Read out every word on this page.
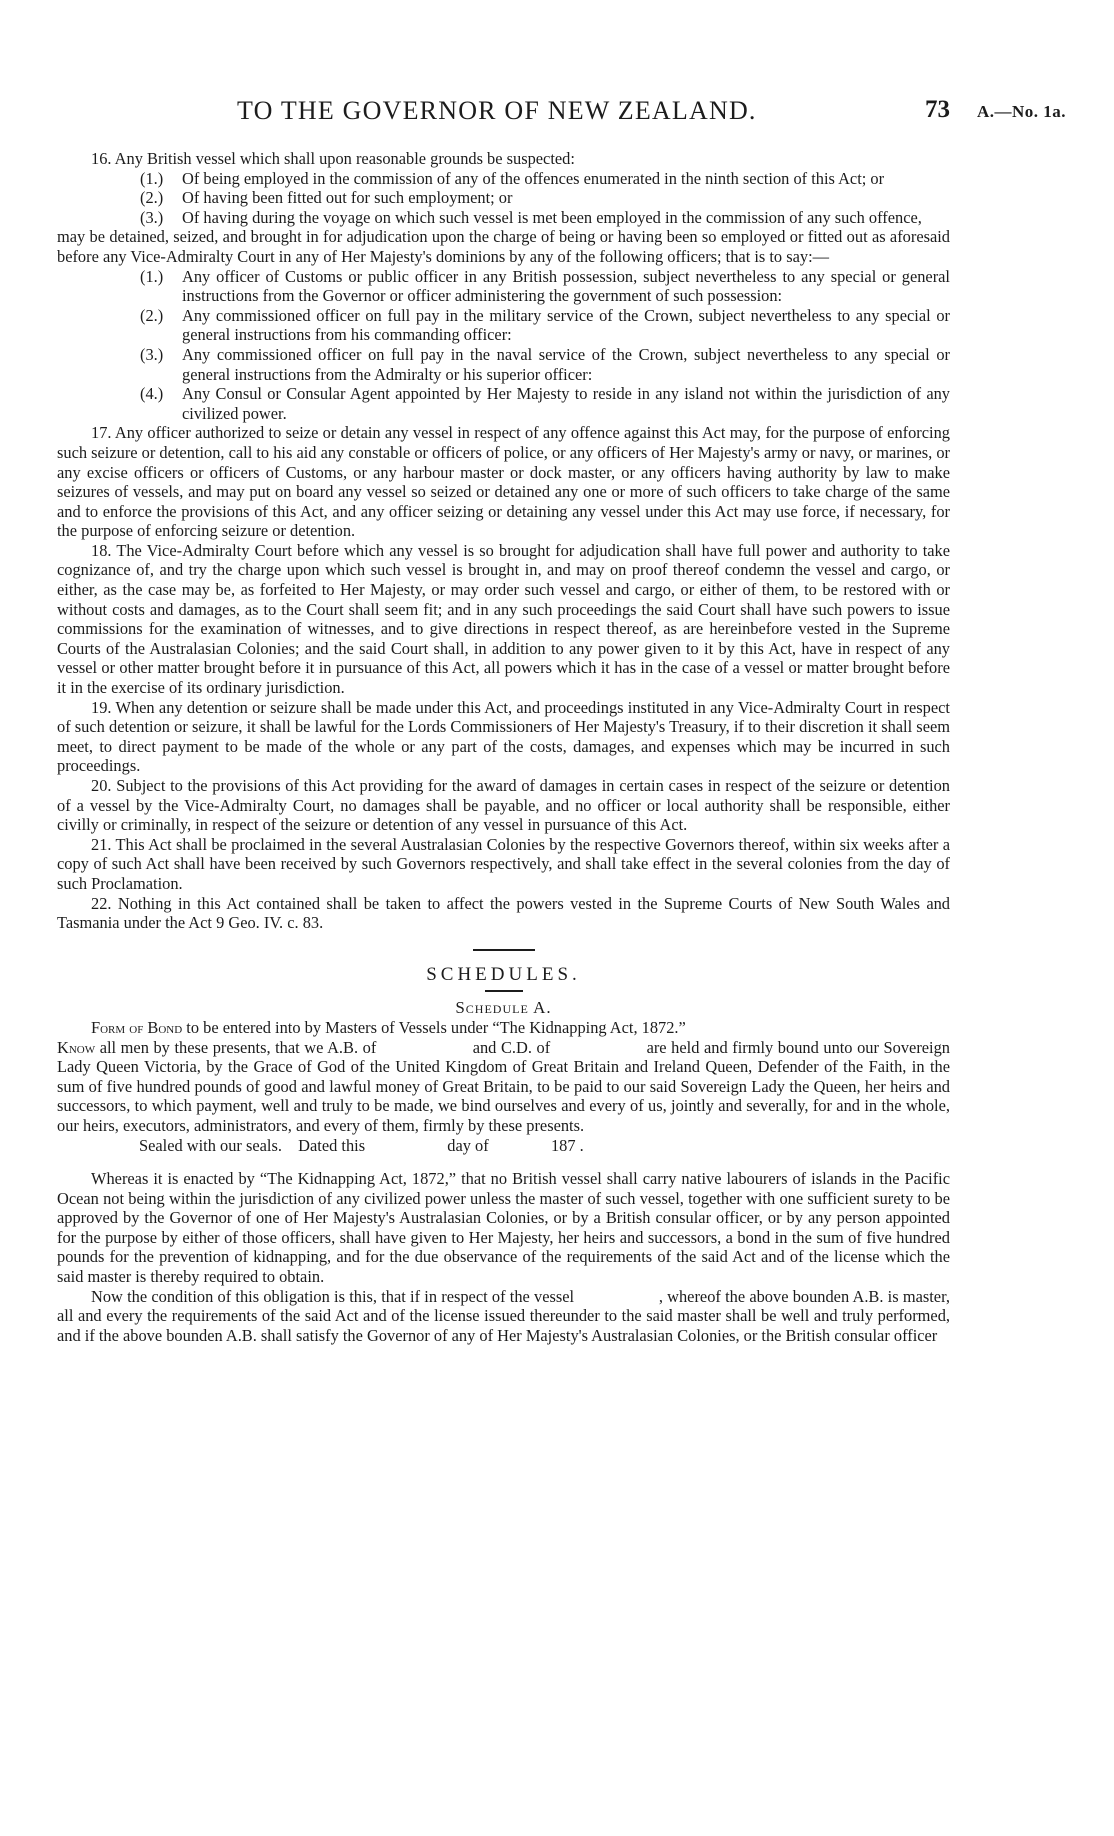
TO THE GOVERNOR OF NEW ZEALAND.	73 A.—No. 1a.

16. Any British vessel which shall upon reasonable grounds be suspected:

(1.) Of being employed in the commission of any of the offences enumerated in the ninth section of this Act; or

(2.) Of having been fitted out for such employment; or

(3.) Of having during the voyage on which such vessel is met been employed in the commission of any such offence,

may be detained, seized, and brought in for adjudication upon the charge of being or having been so employed or fitted out as aforesaid before any Vice-Admiralty Court in any of Her Majesty's dominions by any of the following officers; that is to say:—

(1.) Any officer of Customs or public officer in any British possession, subject nevertheless to any special or general instructions from the Governor or officer administering the government of such possession:

(2.) Any commissioned officer on full pay in the military service of the Crown, subject nevertheless to any special or general instructions from his commanding officer:

(3.) Any commissioned officer on full pay in the naval service of the Crown, subject nevertheless to any special or general instructions from the Admiralty or his superior officer:

(4.) Any Consul or Consular Agent appointed by Her Majesty to reside in any island not within the jurisdiction of any civilized power.

17. Any officer authorized to seize or detain any vessel in respect of any offence against this Act may, for the purpose of enforcing such seizure or detention, call to his aid any constable or officers of police, or any officers of Her Majesty's army or navy, or marines, or any excise officers or officers of Customs, or any harbour master or dock master, or any officers having authority by law to make seizures of vessels, and may put on board any vessel so seized or detained any one or more of such officers to take charge of the same and to enforce the provisions of this Act, and any officer seizing or detaining any vessel under this Act may use force, if necessary, for the purpose of enforcing seizure or detention.

18. The Vice-Admiralty Court before which any vessel is so brought for adjudication shall have full power and authority to take cognizance of, and try the charge upon which such vessel is brought in, and may on proof thereof condemn the vessel and cargo, or either, as the case may be, as forfeited to Her Majesty, or may order such vessel and cargo, or either of them, to be restored with or without costs and damages, as to the Court shall seem fit; and in any such proceedings the said Court shall have such powers to issue commissions for the examination of witnesses, and to give directions in respect thereof, as are hereinbefore vested in the Supreme Courts of the Australasian Colonies; and the said Court shall, in addition to any power given to it by this Act, have in respect of any vessel or other matter brought before it in pursuance of this Act, all powers which it has in the case of a vessel or matter brought before it in the exercise of its ordinary jurisdiction.

19. When any detention or seizure shall be made under this Act, and proceedings instituted in any Vice-Admiralty Court in respect of such detention or seizure, it shall be lawful for the Lords Commissioners of Her Majesty's Treasury, if to their discretion it shall seem meet, to direct payment to be made of the whole or any part of the costs, damages, and expenses which may be incurred in such proceedings.

20. Subject to the provisions of this Act providing for the award of damages in certain cases in respect of the seizure or detention of a vessel by the Vice-Admiralty Court, no damages shall be payable, and no officer or local authority shall be responsible, either civilly or criminally, in respect of the seizure or detention of any vessel in pursuance of this Act.

21. This Act shall be proclaimed in the several Australasian Colonies by the respective Governors thereof, within six weeks after a copy of such Act shall have been received by such Governors respectively, and shall take effect in the several colonies from the day of such Proclamation.

22. Nothing in this Act contained shall be taken to affect the powers vested in the Supreme Courts of New South Wales and Tasmania under the Act 9 Geo. IV. c. 83.

SCHEDULES.

Schedule A.

Form of Bond to be entered into by Masters of Vessels under “The Kidnapping Act, 1872.”

Know all men by these presents, that we A.B. of                     and C.D. of                     are held and firmly bound unto our Sovereign Lady Queen Victoria, by the Grace of God of the United Kingdom of Great Britain and Ireland Queen, Defender of the Faith, in the sum of five hundred pounds of good and lawful money of Great Britain, to be paid to our said Sovereign Lady the Queen, her heirs and successors, to which payment, well and truly to be made, we bind ourselves and every of us, jointly and severally, for and in the whole, our heirs, executors, administrators, and every of them, firmly by these presents.

Sealed with our seals. Dated this	day of	187 .

Whereas it is enacted by “The Kidnapping Act, 1872,” that no British vessel shall carry native labourers of islands in the Pacific Ocean not being within the jurisdiction of any civilized power unless the master of such vessel, together with one sufficient surety to be approved by the Governor of one of Her Majesty's Australasian Colonies, or by a British consular officer, or by any person appointed for the purpose by either of those officers, shall have given to Her Majesty, her heirs and successors, a bond in the sum of five hundred pounds for the prevention of kidnapping, and for the due observance of the requirements of the said Act and of the license which the said master is thereby required to obtain.

Now the condition of this obligation is this, that if in respect of the vessel                    , whereof the above bounden A.B. is master, all and every the requirements of the said Act and of the license issued thereunder to the said master shall be well and truly performed, and if the above bounden A.B. shall satisfy the Governor of any of Her Majesty's Australasian Colonies, or the British consular officer
